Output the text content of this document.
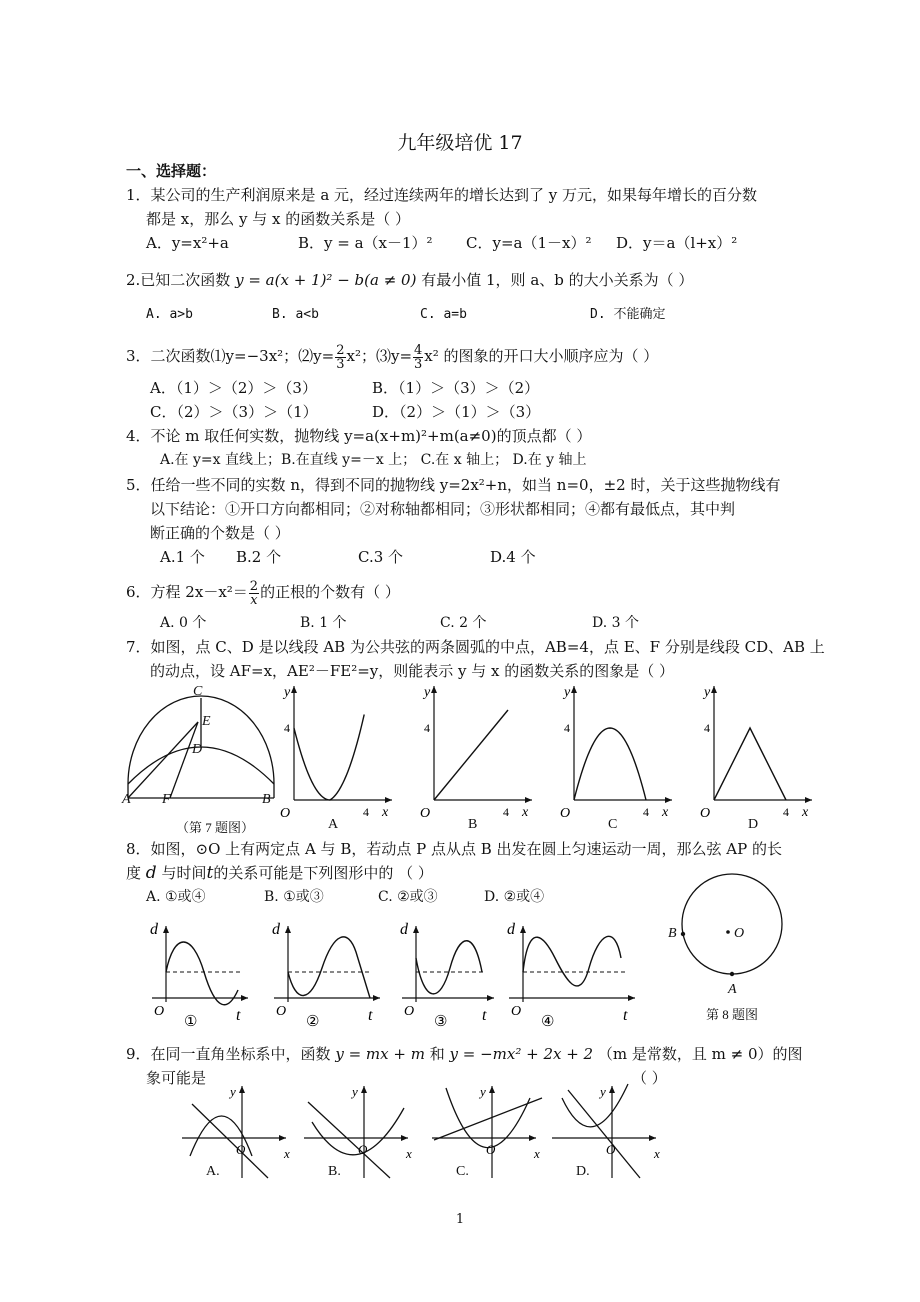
九年级培优 17
一、选择题：
1．某公司的生产利润原来是 a 元，经过连续两年的增长达到了 y 万元，如果每年增长的百分数
都是 x，那么 y 与 x 的函数关系是（ ）
A．y=x²+a	B．y = a（x－1）² C．y=a（1－x）² D．y＝a（l+x）²
2.已知二次函数 y = a(x + 1)² − b(a ≠ 0) 有最小值 1，则 a、b 的大小关系为（ ）
A. a>b	B. a<b	C. a=b	D. 不能确定
3．二次函数⑴y=−3x²；⑵y= $\frac{2}{3} x^2$；⑶y= $\frac{4}{3} x^2$ 的图象的开口大小顺序应为（ ）
A．（1）＞（2）＞（3）	B．（1）＞（3）＞（2）
C．（2）＞（3）＞（1）	D．（2）＞（1）＞（3）
4．不论 m 取任何实数，抛物线 y=a(x+m)²+m(a≠0)的顶点都（ ）
A.在 y=x 直线上；B.在直线 y=－x 上； C.在 x 轴上； D.在 y 轴上
5．任给一些不同的实数 n，得到不同的抛物线 y=2x²+n，如当 n=0，±2 时，关于这些抛物线有
以下结论：①开口方向都相同；②对称轴都相同；③形状都相同；④都有最低点，其中判
断正确的个数是（ ）
A.1 个 B.2 个	C.3 个	D.4 个
6．方程 $2x-x^2= \frac{2}{x}$的正根的个数有（ ）
A. 0 个	B. 1 个	C. 2 个	D. 3 个
7．如图，点 C、D 是以线段 AB 为公共弦的两条圆弧的中点，AB=4，点 E、F 分别是线段 CD、AB 上
的动点，设 AF=x，AE²－FE²=y，则能表示 y 与 x 的函数关系的图象是（ ）
C
E
D
A F	B
（第 7 题图）
y
x
O
4
4
A
y
x
O
4
4
B
y
x
O
4
4
C
y
x
O
4
4
D
8．如图，⊙O 上有两定点 A 与 B，若动点 P 点从点 B 出发在圆上匀速运动一周，那么弦 AP 的长
度 d 与时间t的关系可能是下列图形中的 （ ）
A. ①或④	B. ①或③	C. ②或③	D. ②或④
d
O	t
①
d
O	t
②
d
O	t
③
d
O	t
④
B	O
A
第 8 题图
9．在同一直角坐标系中，函数 y = mx + m 和 y = −mx² + 2x + 2 （m 是常数，且 m ≠ 0）的图
象可能是	（ ）
y
x
O
A.
y
x
O
B.
y
x
O
C.
y
x
O
D.
1
